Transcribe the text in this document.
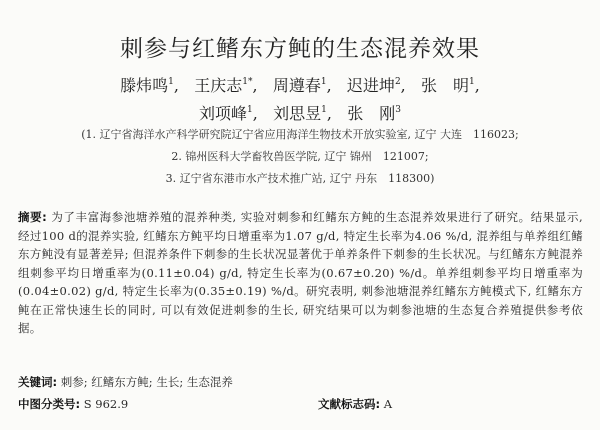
刺参与红鳍东方鲀的生态混养效果
滕炜鸣$^1$,   王庆志$^{1*}$,   周遵春$^1$,   迟进坤$^2$,   张　明$^1$,
刘项峰$^1$,   刘思昱$^1$,   张　刚$^3$
(1. 辽宁省海洋水产科学研究院辽宁省应用海洋生物技术开放实验室, 辽宁 大连　116023;
2. 锦州医科大学畜牧兽医学院, 辽宁 锦州　121007;
3. 辽宁省东港市水产技术推广站, 辽宁 丹东　118300)
摘要: 为了丰富海参池塘养殖的混养种类, 实验对刺参和红鳍东方鲀的生态混养效果进行了研究。结果显示, 经过100 d的混养实验, 红鳍东方鲀平均日增重率为1.07 g/d, 特定生长率为4.06 %/d, 混养组与单养组红鳍东方鲀没有显著差异; 但混养条件下刺参的生长状况显著优于单养条件下刺参的生长状况。与红鳍东方鲀混养组刺参平均日增重率为(0.11±0.04) g/d, 特定生长率为(0.67±0.20) %/d。单养组刺参平均日增重率为(0.04±0.02) g/d, 特定生长率为(0.35±0.19) %/d。研究表明, 刺参池塘混养红鳍东方鲀模式下, 红鳍东方鲀在正常快速生长的同时, 可以有效促进刺参的生长, 研究结果可以为刺参池塘的生态复合养殖提供参考依据。
关键词: 刺参; 红鳍东方鲀; 生长; 生态混养
中图分类号: S 962.9	文献标志码: A
